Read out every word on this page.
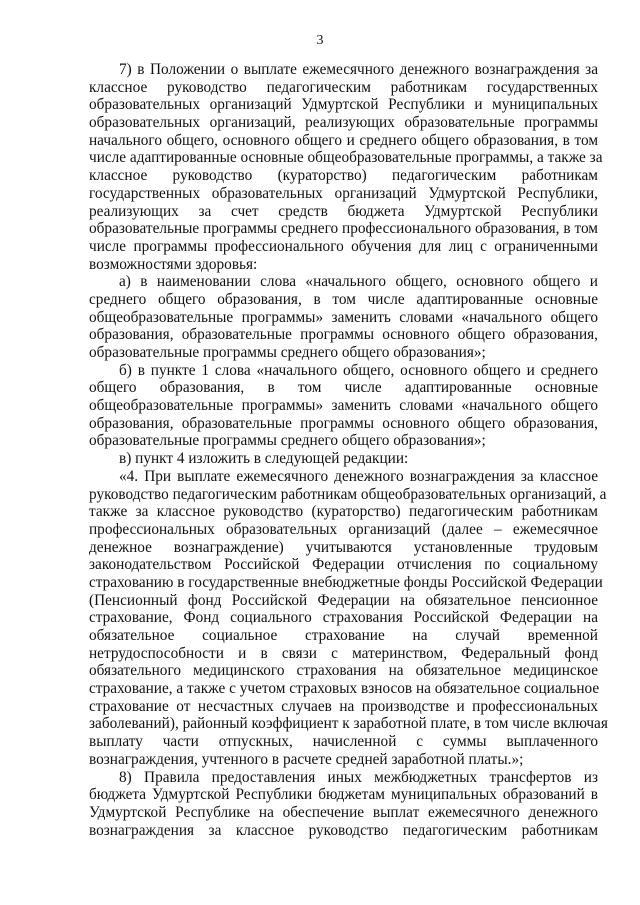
3
7) в Положении о выплате ежемесячного денежного вознаграждения за
классное руководство педагогическим работникам государственных
образовательных организаций Удмуртской Республики и муниципальных
образовательных организаций, реализующих образовательные программы
начального общего, основного общего и среднего общего образования, в том
числе адаптированные основные общеобразовательные программы, а также за
классное руководство (кураторство) педагогическим работникам
государственных образовательных организаций Удмуртской Республики,
реализующих за счет средств бюджета Удмуртской Республики
образовательные программы среднего профессионального образования, в том
числе программы профессионального обучения для лиц с ограниченными
возможностями здоровья:
а) в наименовании слова «начального общего, основного общего и
среднего общего образования, в том числе адаптированные основные
общеобразовательные программы» заменить словами «начального общего
образования, образовательные программы основного общего образования,
образовательные программы среднего общего образования»;
б) в пункте 1 слова «начального общего, основного общего и среднего
общего образования, в том числе адаптированные основные
общеобразовательные программы» заменить словами «начального общего
образования, образовательные программы основного общего образования,
образовательные программы среднего общего образования»;
в) пункт 4 изложить в следующей редакции:
«4. При выплате ежемесячного денежного вознаграждения за классное
руководство педагогическим работникам общеобразовательных организаций, а
также за классное руководство (кураторство) педагогическим работникам
профессиональных образовательных организаций (далее – ежемесячное
денежное вознаграждение) учитываются установленные трудовым
законодательством Российской Федерации отчисления по социальному
страхованию в государственные внебюджетные фонды Российской Федерации
(Пенсионный фонд Российской Федерации на обязательное пенсионное
страхование, Фонд социального страхования Российской Федерации на
обязательное социальное страхование на случай временной
нетрудоспособности и в связи с материнством, Федеральный фонд
обязательного медицинского страхования на обязательное медицинское
страхование, а также с учетом страховых взносов на обязательное социальное
страхование от несчастных случаев на производстве и профессиональных
заболеваний), районный коэффициент к заработной плате, в том числе включая
выплату части отпускных, начисленной с суммы выплаченного
вознаграждения, учтенного в расчете средней заработной платы.»;
8) Правила предоставления иных межбюджетных трансфертов из
бюджета Удмуртской Республики бюджетам муниципальных образований в
Удмуртской Республике на обеспечение выплат ежемесячного денежного
вознаграждения за классное руководство педагогическим работникам
